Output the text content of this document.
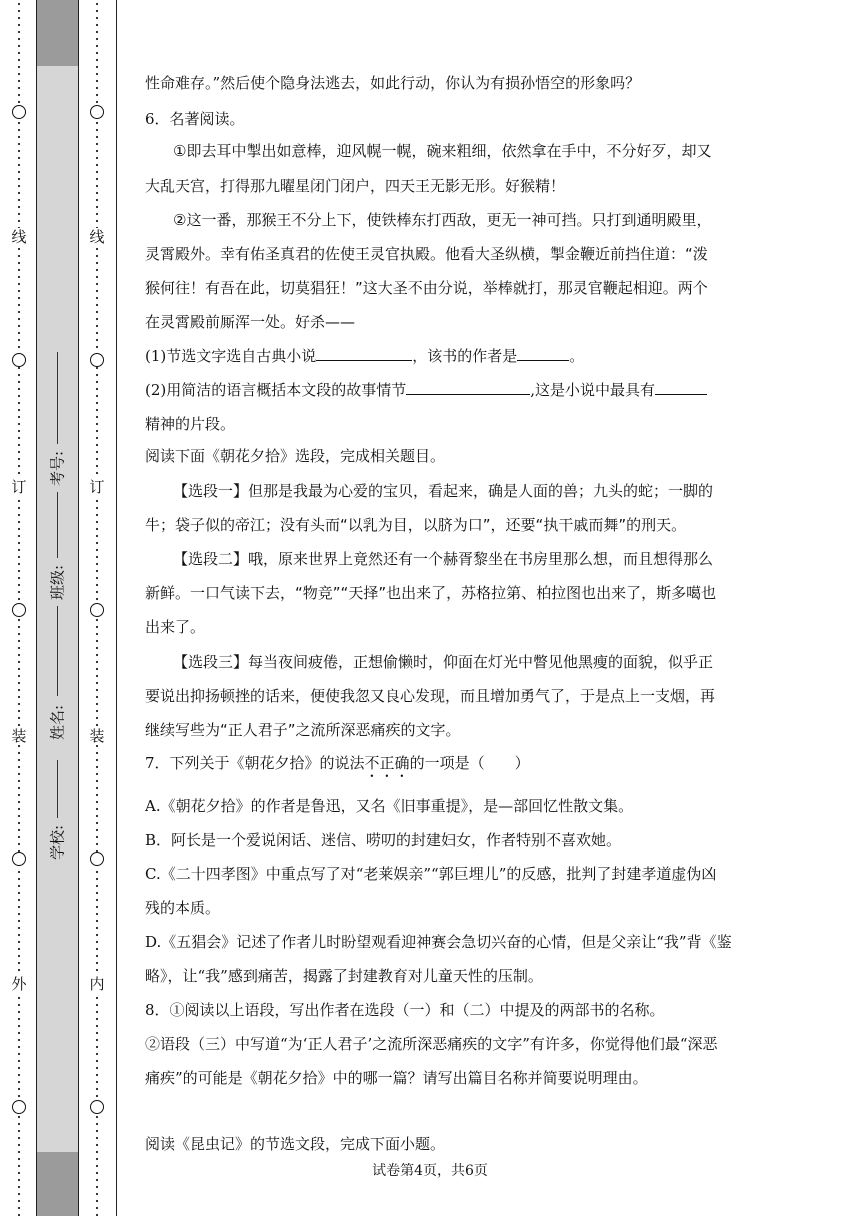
线
订
装
外
线
订
装
内
学校:
姓名:
班级:
考号:
性命难存。”然后使个隐身法逃去，如此行动，你认为有损孙悟空的形象吗？
6．名著阅读。
①即去耳中掣出如意棒，迎风幌一幌，碗来粗细，依然拿在手中，不分好歹，却又
大乱天宫，打得那九曜星闭门闭户，四天王无影无形。好猴精！
②这一番，那猴王不分上下，使铁棒东打西敌，更无一神可挡。只打到通明殿里，
灵霄殿外。幸有佑圣真君的佐使王灵官执殿。他看大圣纵横，掣金鞭近前挡住道：“泼
猴何往！有吾在此，切莫猖狂！”这大圣不由分说，举棒就打，那灵官鞭起相迎。两个
在灵霄殿前厮浑一处。好杀——
(1)节选文字选自古典小说	，该书的作者是	。
(2)用简洁的语言概括本文段的故事情节	,这是小说中最具有
精神的片段。
阅读下面《朝花夕拾》选段，完成相关题目。
【选段一】但那是我最为心爱的宝贝，看起来，确是人面的兽；九头的蛇；一脚的
牛；袋子似的帝江；没有头而“以乳为目，以脐为口”，还要“执干戚而舞”的刑天。
【选段二】哦，原来世界上竟然还有一个赫胥黎坐在书房里那么想，而且想得那么
新鲜。一口气读下去，“物竞”“天择”也出来了，苏格拉第、柏拉图也出来了，斯多噶也
出来了。
【选段三】每当夜间疲倦，正想偷懒时，仰面在灯光中瞥见他黑瘦的面貌，似乎正
要说出抑扬顿挫的话来，便使我忽又良心发现，而且增加勇气了，于是点上一支烟，再
继续写些为“正人君子”之流所深恶痛疾的文字。
7．下列关于《朝花夕拾》的说法不正确的一项是（　　）
A.《朝花夕拾》的作者是鲁迅，又名《旧事重提》，是—部回忆性散文集。
B．阿长是一个爱说闲话、迷信、唠叨的封建妇女，作者特别不喜欢她。
C.《二十四孝图》中重点写了对“老莱娱亲”“郭巨埋儿”的反感，批判了封建孝道虚伪凶
残的本质。
D.《五猖会》记述了作者儿时盼望观看迎神赛会急切兴奋的心情，但是父亲让“我”背《鉴
略》，让“我”感到痛苦，揭露了封建教育对儿童天性的压制。
8．①阅读以上语段，写出作者在选段（一）和（二）中提及的两部书的名称。
②语段（三）中写道“为‘正人君子’之流所深恶痛疾的文字”有许多，你觉得他们最“深恶
痛疾”的可能是《朝花夕拾》中的哪一篇？请写出篇目名称并简要说明理由。
阅读《昆虫记》的节选文段，完成下面小题。
试卷第4页，共6页
